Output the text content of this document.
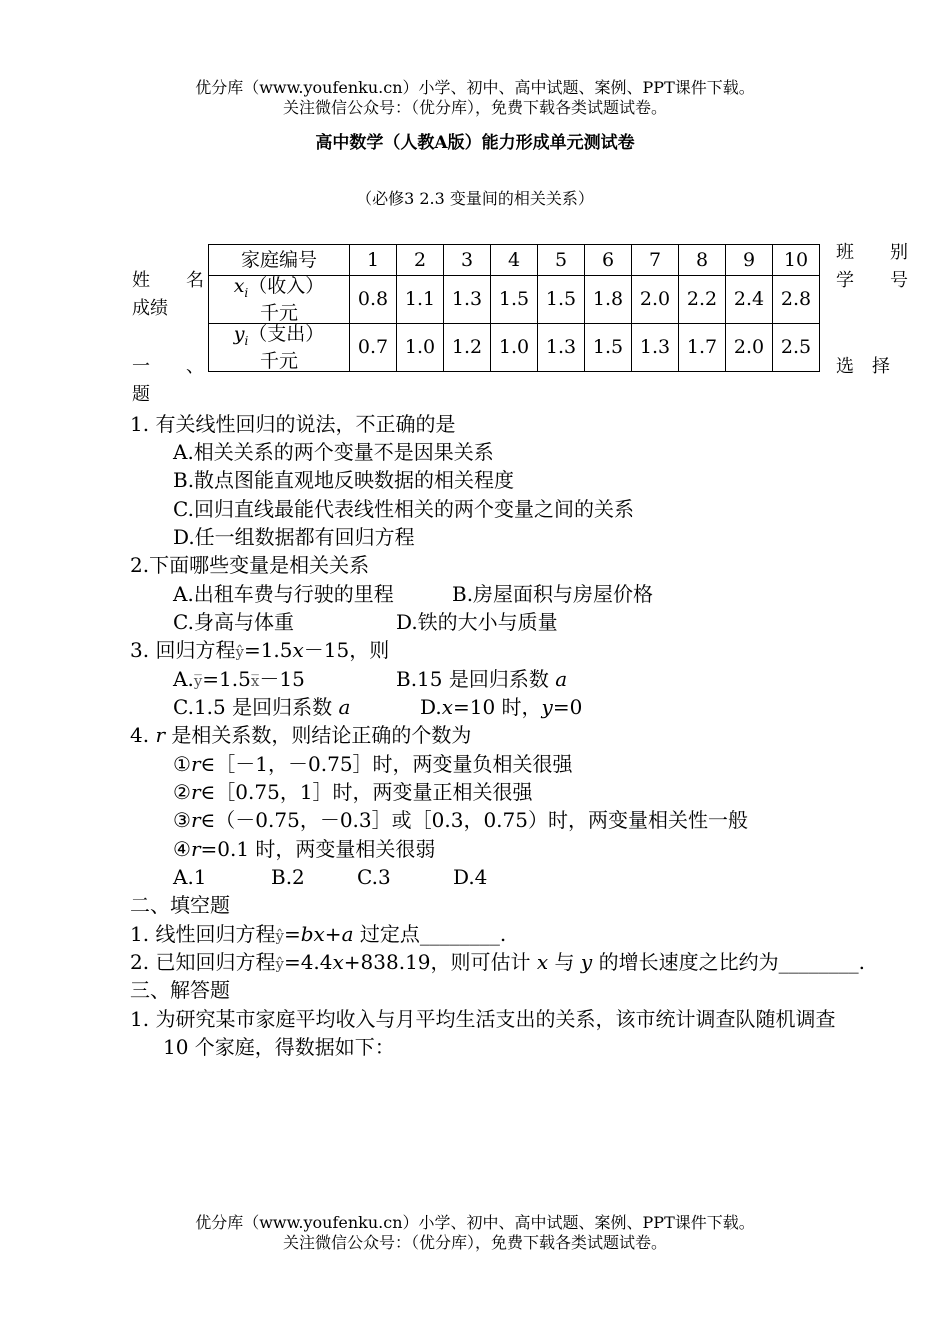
优分库（www.youfenku.cn）小学、初中、高中试题、案例、PPT课件下载。
关注微信公众号：（优分库），免费下载各类试题试卷。
高中数学（人教A版）能力形成单元测试卷
（必修3 2.3 变量间的相关关系）
姓　　名
成绩
班　　别
学　　号
一　　、
题
选　择
家庭编号	1	2	3	4	5	6	7	8	9	10
$x_i$（收入）
千元	0.8	1.1	1.3	1.5	1.5	1.8	2.0	2.2	2.4	2.8
$y_i$（支出）
千元	0.7	1.0	1.2	1.0	1.3	1.5	1.3	1.7	2.0	2.5
1. 有关线性回归的说法，不正确的是
A.相关关系的两个变量不是因果关系
B.散点图能直观地反映数据的相关程度
C.回归直线最能代表线性相关的两个变量之间的关系
D.任一组数据都有回归方程
2.下面哪些变量是相关关系
A.出租车费与行驶的里程	B.房屋面积与房屋价格
C.身高与体重	D.铁的大小与质量
3. 回归方程ŷ=1.5x－15，则
A.y̅=1.5x̅－15	B.15 是回归系数 a
C.1.5 是回归系数 a	D.x=10 时，y=0
4. r 是相关系数，则结论正确的个数为
①r∈［－1，－0.75］时，两变量负相关很强
②r∈［0.75，1］时，两变量正相关很强
③r∈（－0.75，－0.3］或［0.3，0.75）时，两变量相关性一般
④r=0.1 时，两变量相关很弱
A.1	B.2	C.3	D.4
二、填空题
1. 线性回归方程ŷ=bx+a 过定点________.
2. 已知回归方程ŷ=4.4x+838.19，则可估计 x 与 y 的增长速度之比约为________.
三、解答题
1. 为研究某市家庭平均收入与月平均生活支出的关系，该市统计调查队随机调查
10 个家庭，得数据如下：
优分库（www.youfenku.cn）小学、初中、高中试题、案例、PPT课件下载。
关注微信公众号：（优分库），免费下载各类试题试卷。
